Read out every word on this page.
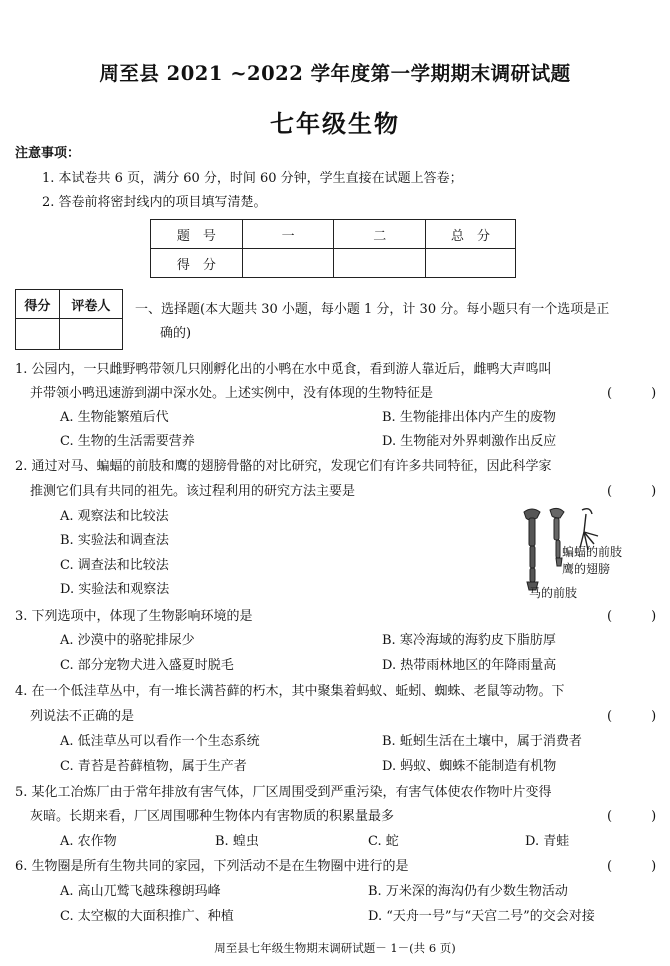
周至县 2021 ~2022 学年度第一学期期末调研试题
七年级生物
注意事项：
1. 本试卷共 6 页，满分 60 分，时间 60 分钟，学生直接在试题上答卷；
2. 答卷前将密封线内的项目填写清楚。
题　号	一	二	总　分
得　分			
得分	评卷人
	一、选择题(本大题共 30 小题，每小题 1 分，计 30 分。每小题只有一个选项是正
确的)
1. 公园内，一只雌野鸭带领几只刚孵化出的小鸭在水中觅食，看到游人靠近后，雌鸭大声鸣叫
并带领小鸭迅速游到湖中深水处。上述实例中，没有体现的生物特征是	(　　　)
A. 生物能繁殖后代	B. 生物能排出体内产生的废物
C. 生物的生活需要营养	D. 生物能对外界刺激作出反应
2. 通过对马、蝙蝠的前肢和鹰的翅膀骨骼的对比研究，发现它们有许多共同特征，因此科学家
推测它们具有共同的祖先。该过程利用的研究方法主要是	(　　　)
A. 观察法和比较法
B. 实验法和调查法
C. 调查法和比较法
D. 实验法和观察法
蝙蝠的前肢
鹰的翅膀
马的前肢
3. 下列选项中，体现了生物影响环境的是	(　　　)
A. 沙漠中的骆驼排尿少	B. 寒冷海域的海豹皮下脂肪厚
C. 部分宠物犬进入盛夏时脱毛	D. 热带雨林地区的年降雨量高
4. 在一个低洼草丛中，有一堆长满苔藓的朽木，其中聚集着蚂蚁、蚯蚓、蜘蛛、老鼠等动物。下
列说法不正确的是	(　　　)
A. 低洼草丛可以看作一个生态系统	B. 蚯蚓生活在土壤中，属于消费者
C. 青苔是苔藓植物，属于生产者	D. 蚂蚁、蜘蛛不能制造有机物
5. 某化工冶炼厂由于常年排放有害气体，厂区周围受到严重污染，有害气体使农作物叶片变得
灰暗。长期来看，厂区周围哪种生物体内有害物质的积累量最多	(　　　)
A. 农作物	B. 蝗虫	C. 蛇	D. 青蛙
6. 生物圈是所有生物共同的家园，下列活动不是在生物圈中进行的是	(　　　)
A. 高山兀鹫飞越珠穆朗玛峰	B. 万米深的海沟仍有少数生物活动
C. 太空椒的大面积推广、种植	D. “天舟一号”与“天宫二号”的交会对接
周至县七年级生物期末调研试题－ 1－(共 6 页)
